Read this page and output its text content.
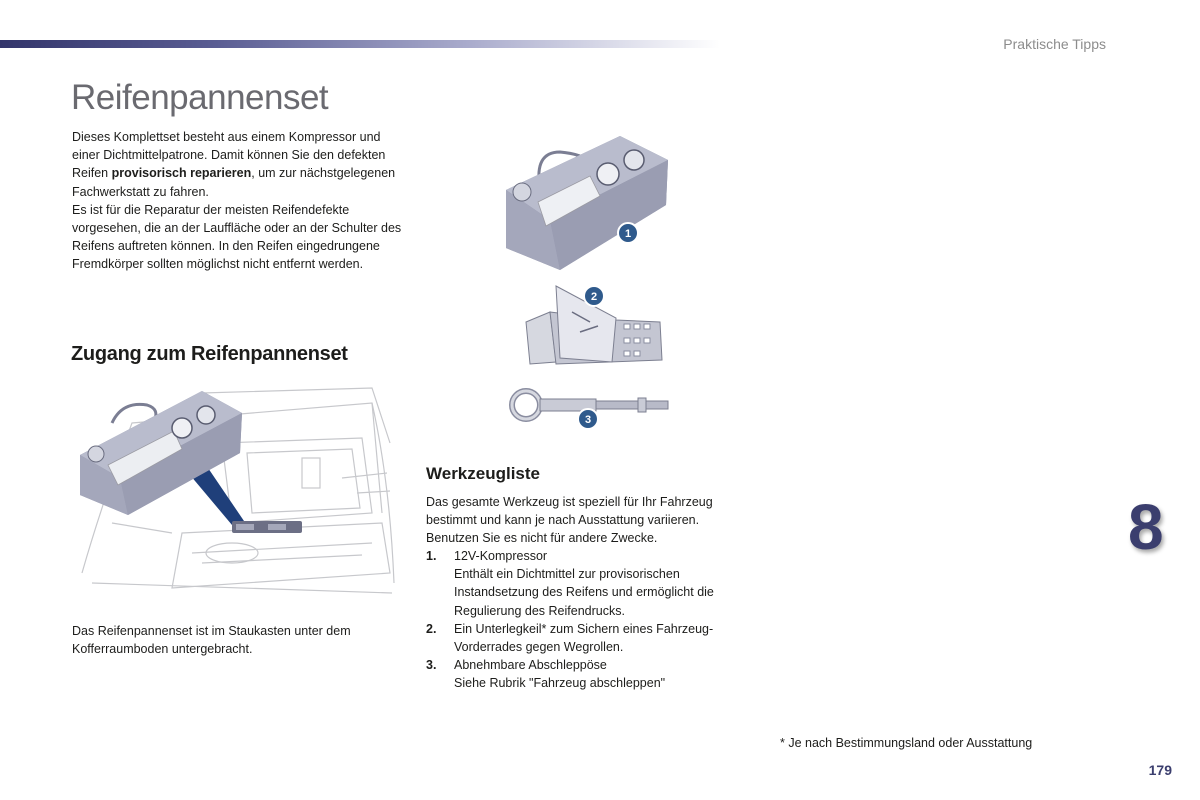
Praktische Tipps
Reifenpannenset

Dieses Komplettset besteht aus einem Kompressor und einer Dichtmittelpatrone. Damit können Sie den defekten Reifen provisorisch reparieren, um zur nächstgelegenen Fachwerkstatt zu fahren.
Es ist für die Reparatur der meisten Reifendefekte vorgesehen, die an der Lauffläche oder an der Schulter des Reifens auftreten können. In den Reifen eingedrungene Fremdkörper sollten möglichst nicht entfernt werden.

Zugang zum Reifenpannenset

Das Reifenpannenset ist im Staukasten unter dem Kofferraumboden untergebracht.

1
2
3
Werkzeugliste

Das gesamte Werkzeug ist speziell für Ihr Fahrzeug bestimmt und kann je nach Ausstattung variieren. Benutzen Sie es nicht für andere Zwecke.

1. 12V-Kompressor
Enthält ein Dichtmittel zur provisorischen Instandsetzung des Reifens und ermöglicht die Regulierung des Reifendrucks.
2. Ein Unterlegkeil* zum Sichern eines Fahrzeug-Vorderrades gegen Wegrollen.
3. Abnehmbare Abschleppöse
Siehe Rubrik "Fahrzeug abschleppen"

* Je nach Bestimmungsland oder Ausstattung

8
179
